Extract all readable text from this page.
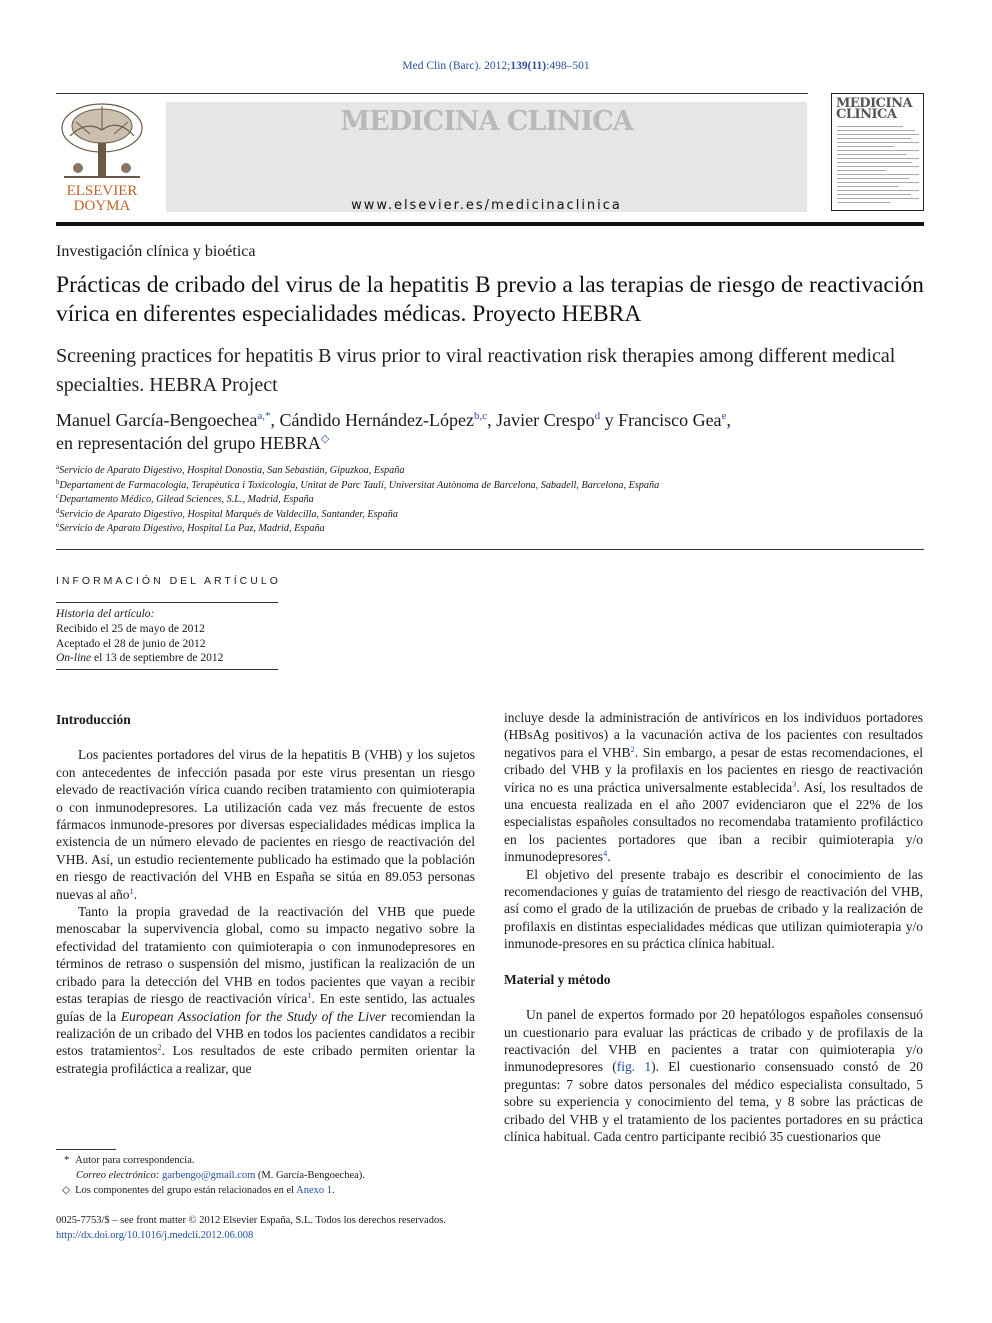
Med Clin (Barc). 2012;139(11):498–501
ELSEVIER
DOYMA
MEDICINA CLINICA
www.elsevier.es/medicinaclinica
MEDICINA
CLINICA
Investigación clínica y bioética
Prácticas de cribado del virus de la hepatitis B previo a las terapias de riesgo de reactivación vírica en diferentes especialidades médicas. Proyecto HEBRA
Screening practices for hepatitis B virus prior to viral reactivation risk therapies among different medical specialties. HEBRA Project
Manuel García-Bengoechea$^{a,*}$, Cándido Hernández-López$^{b,c}$, Javier Crespo$^d$ y Francisco Gea$^e$,
en representación del grupo HEBRA◇
$^a$Servicio de Aparato Digestivo, Hospital Donostia, San Sebastián, Gipuzkoa, España
$^b$Departament de Farmacologia, Terapèutica i Toxicologia, Unitat de Parc Taulí, Universitat Autònoma de Barcelona, Sabadell, Barcelona, España
$^c$Departamento Médico, Gilead Sciences, S.L., Madrid, España
$^d$Servicio de Aparato Digestivo, Hospital Marqués de Valdecilla, Santander, España
$^e$Servicio de Aparato Digestivo, Hospital La Paz, Madrid, España
INFORMACIÓN DEL ARTÍCULO
Historia del artículo:
Recibido el 25 de mayo de 2012
Aceptado el 28 de junio de 2012
On-line el 13 de septiembre de 2012
Introducción

Los pacientes portadores del virus de la hepatitis B (VHB) y los sujetos con antecedentes de infección pasada por este virus presentan un riesgo elevado de reactivación vírica cuando reciben tratamiento con quimioterapia o con inmunodepresores. La utilización cada vez más frecuente de estos fármacos inmunode-presores por diversas especialidades médicas implica la existencia de un número elevado de pacientes en riesgo de reactivación del VHB. Así, un estudio recientemente publicado ha estimado que la población en riesgo de reactivación del VHB en España se sitúa en 89.053 personas nuevas al año$^1$.

Tanto la propia gravedad de la reactivación del VHB que puede menoscabar la supervivencia global, como su impacto negativo sobre la efectividad del tratamiento con quimioterapia o con inmunodepresores en términos de retraso o suspensión del mismo, justifican la realización de un cribado para la detección del VHB en todos pacientes que vayan a recibir estas terapias de riesgo de reactivación vírica$^1$. En este sentido, las actuales guías de la European Association for the Study of the Liver recomiendan la realización de un cribado del VHB en todos los pacientes candidatos a recibir estos tratamientos$^2$. Los resultados de este cribado permiten orientar la estrategia profiláctica a realizar, que

incluye desde la administración de antivíricos en los individuos portadores (HBsAg positivos) a la vacunación activa de los pacientes con resultados negativos para el VHB$^2$. Sin embargo, a pesar de estas recomendaciones, el cribado del VHB y la profilaxis en los pacientes en riesgo de reactivación vírica no es una práctica universalmente establecida$^3$. Así, los resultados de una encuesta realizada en el año 2007 evidenciaron que el 22% de los especialistas españoles consultados no recomendaba tratamiento profiláctico en los pacientes portadores que iban a recibir quimioterapia y/o inmunodepresores$^4$.

El objetivo del presente trabajo es describir el conocimiento de las recomendaciones y guías de tratamiento del riesgo de reactivación del VHB, así como el grado de la utilización de pruebas de cribado y la realización de profilaxis en distintas especialidades médicas que utilizan quimioterapia y/o inmunode-presores en su práctica clínica habitual.

Material y método

Un panel de expertos formado por 20 hepatólogos españoles consensuó un cuestionario para evaluar las prácticas de cribado y de profilaxis de la reactivación del VHB en pacientes a tratar con quimioterapia y/o inmunodepresores (fig. 1). El cuestionario consensuado constó de 20 preguntas: 7 sobre datos personales del médico especialista consultado, 5 sobre su experiencia y conocimiento del tema, y 8 sobre las prácticas de cribado del VHB y el tratamiento de los pacientes portadores en su práctica clínica habitual. Cada centro participante recibió 35 cuestionarios que

* Autor para correspondencia.
Correo electrónico: garbengo@gmail.com (M. García-Bengoechea).
◇ Los componentes del grupo están relacionados en el Anexo 1.
0025-7753/$ – see front matter © 2012 Elsevier España, S.L. Todos los derechos reservados.
http://dx.doi.org/10.1016/j.medcli.2012.06.008
